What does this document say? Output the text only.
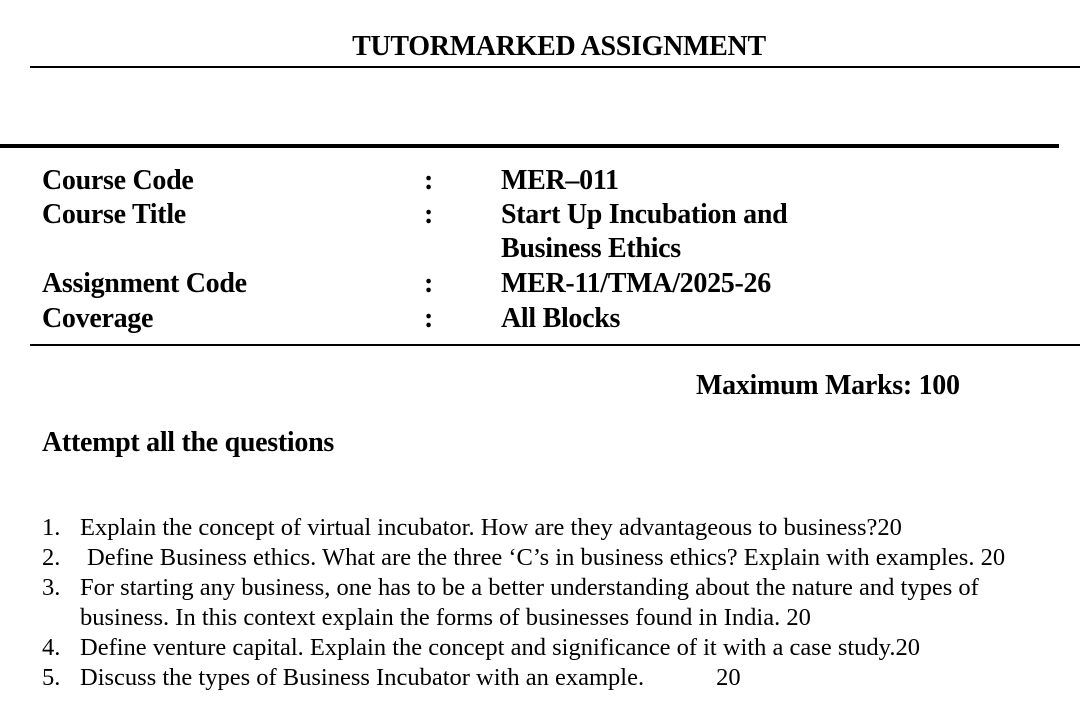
TUTORMARKED ASSIGNMENT
Course Code	: MER–011
Course Title	: Start Up Incubation and
Business Ethics
Assignment Code	: MER-11/TMA/2025-26
Coverage	: All Blocks
Maximum Marks: 100
Attempt all the questions
1. Explain the concept of virtual incubator. How are they advantageous to business?20
2. Define Business ethics. What are the three ‘C’s in business ethics? Explain with examples. 20
3. For starting any business, one has to be a better understanding about the nature and types of
business. In this context explain the forms of businesses found in India. 20
4. Define venture capital. Explain the concept and significance of it with a case study.20
5. Discuss the types of Business Incubator with an example.	20
